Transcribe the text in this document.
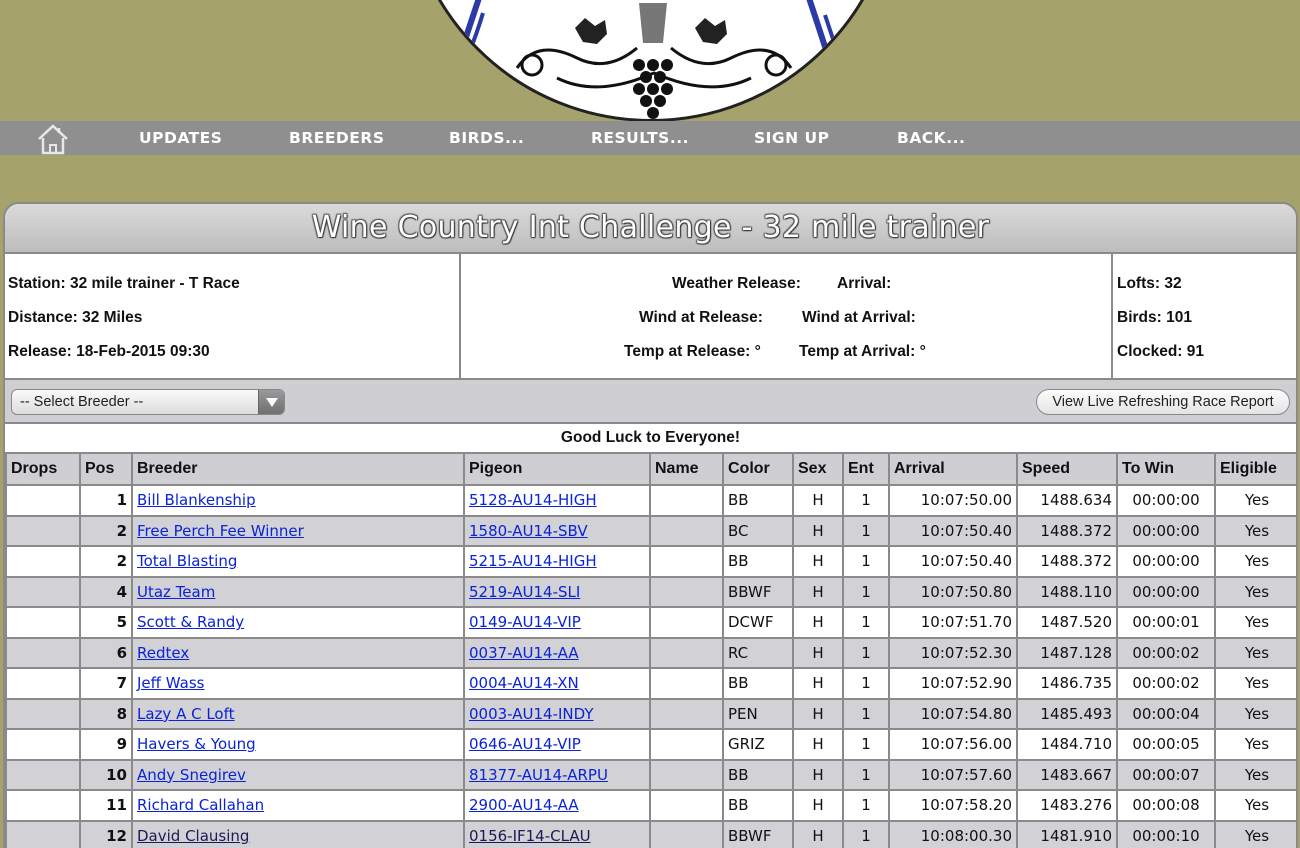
UPDATES	BREEDERS	BIRDS...	RESULTS...	SIGN UP	BACK...
Wine Country Int Challenge - 32 mile trainer
Station: 32 mile trainer - T Race
Distance: 32 Miles
Release: 18-Feb-2015 09:30
Weather Release: Arrival:
Wind at Release:	Wind at Arrival:
Temp at Release: ° Temp at Arrival: °
Lofts: 32
Birds: 101
Clocked: 91
-- Select Breeder --	View Live Refreshing Race Report
Good Luck to Everyone!
Drops	Pos	Breeder	Pigeon	Name	Color	Sex	Ent	Arrival	Speed	To Win	Eligible
	1	Bill Blankenship	5128-AU14-HIGH		BB	H	1	10:07:50.00	1488.634	00:00:00	Yes
	2	Free Perch Fee Winner	1580-AU14-SBV		BC	H	1	10:07:50.40	1488.372	00:00:00	Yes
	2	Total Blasting	5215-AU14-HIGH		BB	H	1	10:07:50.40	1488.372	00:00:00	Yes
	4	Utaz Team	5219-AU14-SLI		BBWF	H	1	10:07:50.80	1488.110	00:00:00	Yes
	5	Scott & Randy	0149-AU14-VIP		DCWF	H	1	10:07:51.70	1487.520	00:00:01	Yes
	6	Redtex	0037-AU14-AA		RC	H	1	10:07:52.30	1487.128	00:00:02	Yes
	7	Jeff Wass	0004-AU14-XN		BB	H	1	10:07:52.90	1486.735	00:00:02	Yes
	8	Lazy A C Loft	0003-AU14-INDY		PEN	H	1	10:07:54.80	1485.493	00:00:04	Yes
	9	Havers & Young	0646-AU14-VIP		GRIZ	H	1	10:07:56.00	1484.710	00:00:05	Yes
	10	Andy Snegirev	81377-AU14-ARPU		BB	H	1	10:07:57.60	1483.667	00:00:07	Yes
	11	Richard Callahan	2900-AU14-AA		BB	H	1	10:07:58.20	1483.276	00:00:08	Yes
	12	David Clausing	0156-IF14-CLAU		BBWF	H	1	10:08:00.30	1481.910	00:00:10	Yes
